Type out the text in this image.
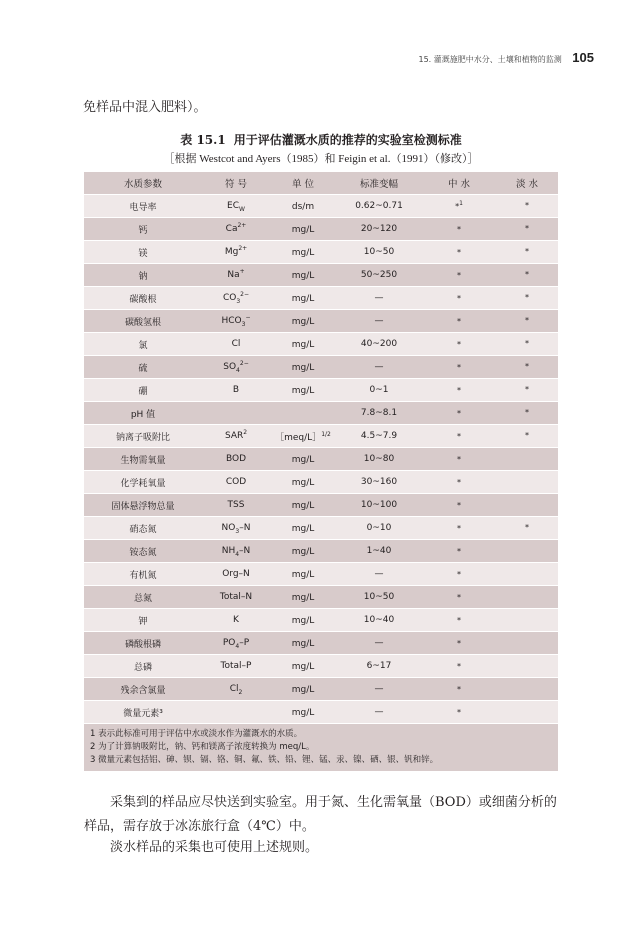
15. 灌溉施肥中水分、土壤和植物的监测 105
免样品中混入肥料）。
表 15.1 用于评估灌溉水质的推荐的实验室检测标准
［根据 Westcot and Ayers（1985）和 Feigin et al.（1991）（修改）］
水质参数	符 号	单 位	标准变幅	中 水	淡 水
电导率	$EC_W$	ds/m	0.62~0.71	*$^1$	*
钙	$Ca^{2+}$	mg/L	20~120	*	*
镁	$Mg^{2+}$	mg/L	10~50	*	*
钠	Na+	mg/L	50~250	*	*
碳酸根	$CO_3^{2-}$	mg/L	—	*	*
碳酸氢根	$HCO_3^-$	mg/L	—	*	*
氯	Cl	mg/L	40~200	*	*
硫	$SO_4^{2-}$	mg/L	—	*	*
硼	B	mg/L	0~1	*	*
pH 值			7.8~8.1	*	*
钠离子吸附比	SAR$^2$	［meq/L］$^{1/2}$	4.5~7.9	*	*
生物需氧量	BOD	mg/L	10~80	*	
化学耗氧量	COD	mg/L	30~160	*	
固体悬浮物总量	TSS	mg/L	10~100	*	
硝态氮	$NO_3-N$	mg/L	0~10	*	*
铵态氮	$NH_4-N$	mg/L	1~40	*	
有机氮	Org–N	mg/L	—	*	
总氮	Total–N	mg/L	10~50	*	
钾	K	mg/L	10~40	*	
磷酸根磷	$PO_4-P$	mg/L	—	*	
总磷	Total–P	mg/L	6~17	*	
残余含氯量	$Cl_2$	mg/L	—	*	
微量元素³		mg/L	—	*	

1 表示此标准可用于评估中水或淡水作为灌溉水的水质。
2 为了计算钠吸附比，钠、钙和镁离子浓度转换为 meq/L。
3 微量元素包括铝、砷、钡、镉、铬、铜、氟、铁、铅、锂、锰、汞、镍、硒、银、钒和锌。					
采集到的样品应尽快送到实验室。用于氮、生化需氧量（BOD）或细菌分析的样品，需存放于冰冻旅行盒（4℃）中。
淡水样品的采集也可使用上述规则。
